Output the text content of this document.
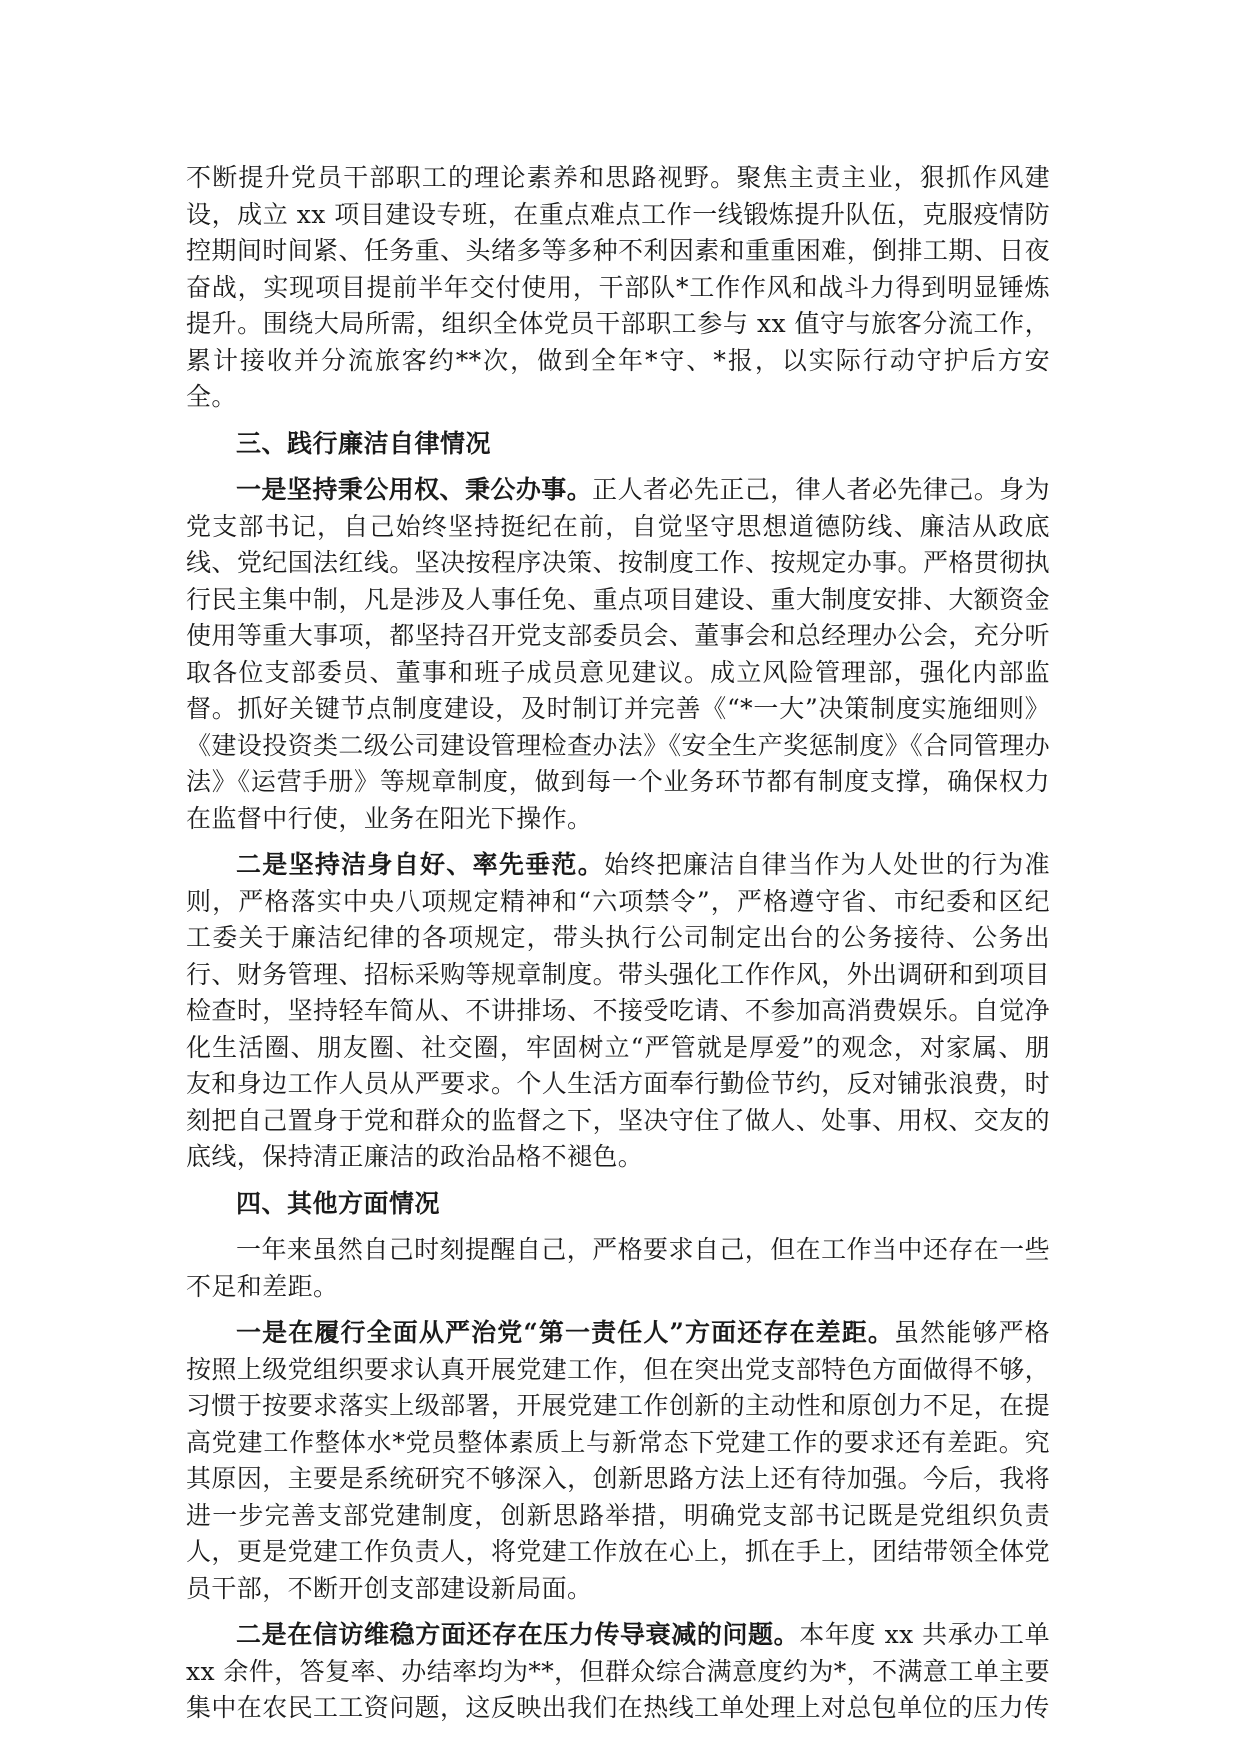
不断提升党员干部职工的理论素养和思路视野。聚焦主责主业，狠抓作风建设，成立 xx 项目建设专班，在重点难点工作一线锻炼提升队伍，克服疫情防控期间时间紧、任务重、头绪多等多种不利因素和重重困难，倒排工期、日夜奋战，实现项目提前半年交付使用，干部队*工作作风和战斗力得到明显锤炼提升。围绕大局所需，组织全体党员干部职工参与 xx 值守与旅客分流工作，累计接收并分流旅客约**次，做到全年*守、*报，以实际行动守护后方安全。

三、践行廉洁自律情况

一是坚持秉公用权、秉公办事。正人者必先正己，律人者必先律己。身为党支部书记，自己始终坚持挺纪在前，自觉坚守思想道德防线、廉洁从政底线、党纪国法红线。坚决按程序决策、按制度工作、按规定办事。严格贯彻执行民主集中制，凡是涉及人事任免、重点项目建设、重大制度安排、大额资金使用等重大事项，都坚持召开党支部委员会、董事会和总经理办公会，充分听取各位支部委员、董事和班子成员意见建议。成立风险管理部，强化内部监督。抓好关键节点制度建设，及时制订并完善《“*一大”决策制度实施细则》《建设投资类二级公司建设管理检查办法》《安全生产奖惩制度》《合同管理办法》《运营手册》等规章制度，做到每一个业务环节都有制度支撑，确保权力在监督中行使，业务在阳光下操作。

二是坚持洁身自好、率先垂范。始终把廉洁自律当作为人处世的行为准则，严格落实中央八项规定精神和“六项禁令”，严格遵守省、市纪委和区纪工委关于廉洁纪律的各项规定，带头执行公司制定出台的公务接待、公务出行、财务管理、招标采购等规章制度。带头强化工作作风，外出调研和到项目检查时，坚持轻车简从、不讲排场、不接受吃请、不参加高消费娱乐。自觉净化生活圈、朋友圈、社交圈，牢固树立“严管就是厚爱”的观念，对家属、朋友和身边工作人员从严要求。个人生活方面奉行勤俭节约，反对铺张浪费，时刻把自己置身于党和群众的监督之下，坚决守住了做人、处事、用权、交友的底线，保持清正廉洁的政治品格不褪色。

四、其他方面情况

一年来虽然自己时刻提醒自己，严格要求自己，但在工作当中还存在一些不足和差距。

一是在履行全面从严治党“第一责任人”方面还存在差距。虽然能够严格按照上级党组织要求认真开展党建工作，但在突出党支部特色方面做得不够，习惯于按要求落实上级部署，开展党建工作创新的主动性和原创力不足，在提高党建工作整体水*党员整体素质上与新常态下党建工作的要求还有差距。究其原因，主要是系统研究不够深入，创新思路方法上还有待加强。今后，我将进一步完善支部党建制度，创新思路举措，明确党支部书记既是党组织负责人，更是党建工作负责人，将党建工作放在心上，抓在手上，团结带领全体党员干部，不断开创支部建设新局面。

二是在信访维稳方面还存在压力传导衰减的问题。本年度 xx 共承办工单 xx 余件，答复率、办结率均为**，但群众综合满意度约为*，不满意工单主要集中在农民工工资问题，这反映出我们在热线工单处理上对总包单位的压力传
